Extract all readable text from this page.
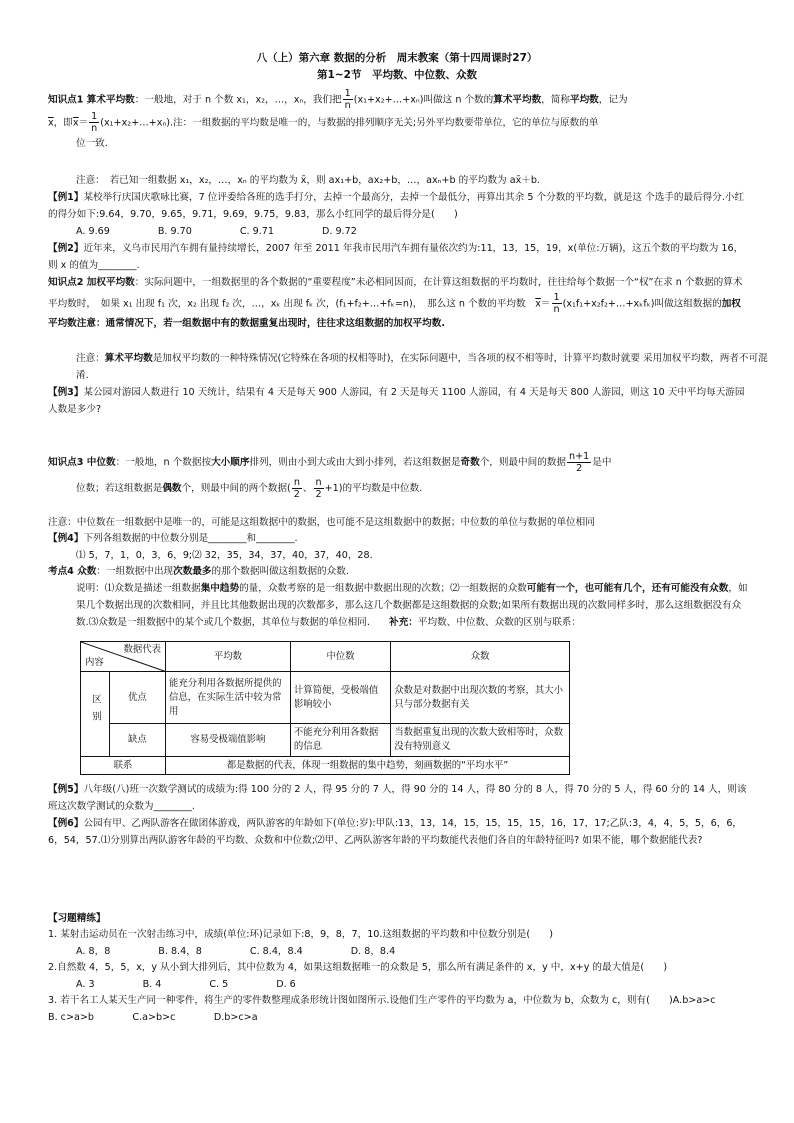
八（上）第六章 数据的分析　周末教案（第十四周课时27）
第1~2节　平均数、中位数、众数
知识点1 算术平均数：一般地，对于 n 个数 x₁，x₂，…，xₙ，我们把 $\frac{1}{n}$ (x₁+x₂+…+xₙ)叫做这 n 个数的算术平均数，简称平均数，记为
$\overline{x}$，即$\overline{x}= \frac{1}{n}$ (x₁+x₂+…+xₙ).注：一组数据的平均数是唯一的，与数据的排列顺序无关;另外平均数要带单位，它的单位与原数的单
位一致.
注意：　若已知一组数据 x₁，x₂，…，xₙ 的平均数为 x̄，则 ax₁+b，ax₂+b，…，axₙ+b 的平均数为 ax̄＋b.
【例1】某校举行庆国庆歌咏比赛，7 位评委给各班的选手打分，去掉一个最高分，去掉一个最低分，再算出其余 5 个分数的平均数，就是这 个选手的最后得分.小红的得分如下:9.64，9.70，9.65，9.71，9.69，9.75，9.83，那么小红同学的最后得分是(　　)
A. 9.69　　　　　B. 9.70　　　　　C. 9.71　　　　　D. 9.72
【例2】近年来，义乌市民用汽车拥有量持续增长，2007 年至 2011 年我市民用汽车拥有量依次约为:11，13，15，19，x(单位:万辆)，这五个数的平均数为 16，则 x 的值为________.
知识点2 加权平均数：实际问题中，一组数据里的各个数据的“重要程度”未必相同因而，在计算这组数据的平均数时，往往给每个数据一个“权”在求 n 个数据的算术平均数时，　如果 x₁ 出现 f₁ 次，x₂ 出现 f₂ 次，…，xₖ 出现 fₖ 次，(f₁+f₂+…+fₖ=n)，　那么这 n 个数的平均数　 $\overline{x}= \frac{1}{n}$ (x₁f₁+x₂f₂+…+xₖfₖ)叫做这组数据的加权平均数注意：通常情况下，若一组数据中有的数据重复出现时，往往求这组数据的加权平均数.
注意：算术平均数是加权平均数的一种特殊情况(它特殊在各项的权相等时)，在实际问题中，当各项的权不相等时，计算平均数时就要 采用加权平均数，两者不可混淆.
【例3】某公园对游园人数进行 10 天统计，结果有 4 天是每天 900 人游园，有 2 天是每天 1100 人游园，有 4 天是每天 800 人游园，则这 10 天中平均每天游园人数是多少?
知识点3 中位数：一般地，n 个数据按大小顺序排列，则由小到大或由大到小排列，若这组数据是奇数个，则最中间的数据 $\frac{n+1}{2}$ 是中
位数；若这组数据是偶数个，则最中间的两个数据( $\frac{n}{2}$ 、 $\frac{n}{2} +1$)的平均数是中位数.
注意：中位数在一组数据中是唯一的，可能是这组数据中的数据，也可能不是这组数据中的数据；中位数的单位与数据的单位相同
【例4】下列各组数据的中位数分别是________和________.
⑴ 5，7，1，0，3，6，9;⑵ 32，35，34，37，40，37，40，28.
考点4 众数：一组数据中出现次数最多的那个数据叫做这组数据的众数.
说明：⑴众数是描述一组数据集中趋势的量，众数考察的是一组数据中数据出现的次数；⑵一组数据的众数可能有一个，也可能有几个，还有可能没有众数，如果几个数据出现的次数相同，并且比其他数据出现的次数都多，那么这几个数据都是这组数据的众数;如果所有数据出现的次数同样多时，那么这组数据没有众数.⑶众数是一组数据中的某个或几个数据，其单位与数据的单位相同.　　 补充：平均数、中位数、众数的区别与联系：
数据代表
内容		平均数	中位数	众数
区别	优点	能充分利用各数据所提供的信息，在实际生活中较为常用	计算简便，受极端值影响较小	众数是对数据中出现次数的考察，其大小只与部分数据有关
	缺点	容易受极端值影响	不能充分利用各数据的信息	当数据重复出现的次数大致相等时，众数没有特别意义
联系		都是数据的代表，体现一组数据的集中趋势，刻画数据的“平均水平”		
【例5】八年级(八)班一次数学测试的成绩为:得 100 分的 2 人，得 95 分的 7 人，得 90 分的 14 人，得 80 分的 8 人，得 70 分的 5 人，得 60 分的 14 人，则该班这次数学测试的众数为________.
【例6】公园有甲、乙两队游客在做团体游戏，两队游客的年龄如下(单位:岁):甲队:13，13，14，15，15，15，15，16，17，17;乙队:3，4，4，5，5，6，6，6，54，57.⑴分别算出两队游客年龄的平均数、众数和中位数;⑵甲、乙两队游客年龄的平均数能代表他们各自的年龄特征吗? 如果不能，哪个数据能代表?
【习题精练】
1. 某射击运动员在一次射击练习中，成绩(单位:环)记录如下:8，9，8，7，10.这组数据的平均数和中位数分别是(　　)
A. 8，8　　　　　B. 8.4，8　　　　　C. 8.4，8.4　　　　　D. 8，8.4
2.自然数 4，5，5，x，y 从小到大排列后，其中位数为 4，如果这组数据唯一的众数是 5，那么所有满足条件的 x，y 中，x+y 的最大值是(　　)
A. 3　　　　　B. 4　　　　　C. 5　　　　　D. 6
3. 若干名工人某天生产同一种零件，将生产的零件数整理成条形统计图如图所示.设他们生产零件的平均数为 a，中位数为 b，众数为 c，则有(　　)A.b>a>c　　　　B. c>a>b　　　　C.a>b>c　　　　D.b>c>a
